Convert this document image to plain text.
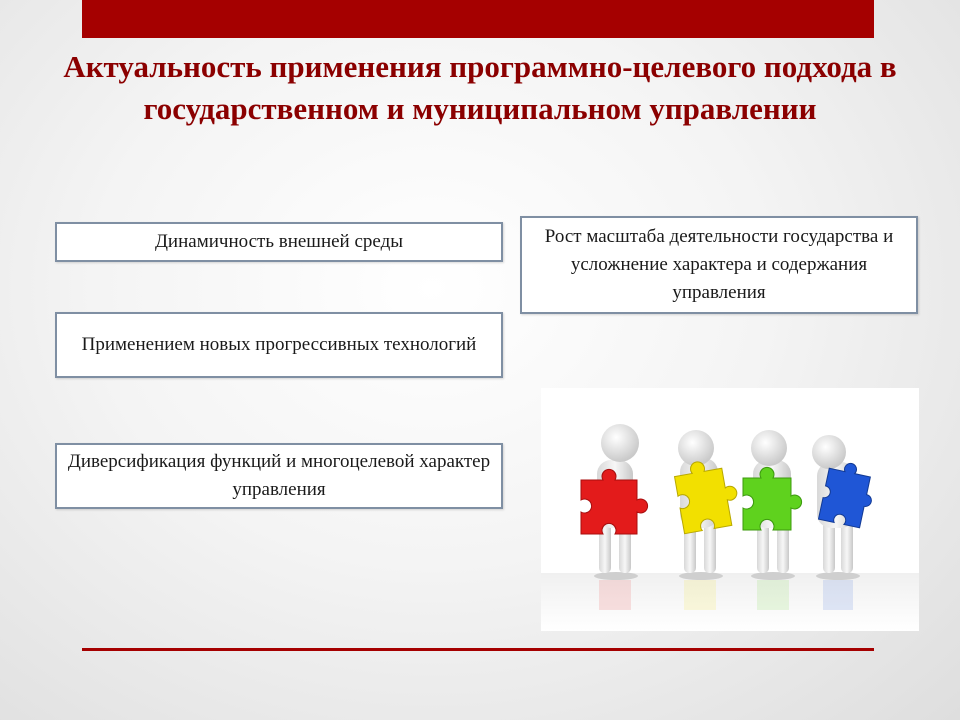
Актуальность применения программно-целевого подхода в государственном и муниципальном управлении
Динамичность внешней среды	Рост масштаба деятельности государства и усложнение характера и содержания управления
Применением новых прогрессивных технологий
Диверсификация функций и многоцелевой характер управления
